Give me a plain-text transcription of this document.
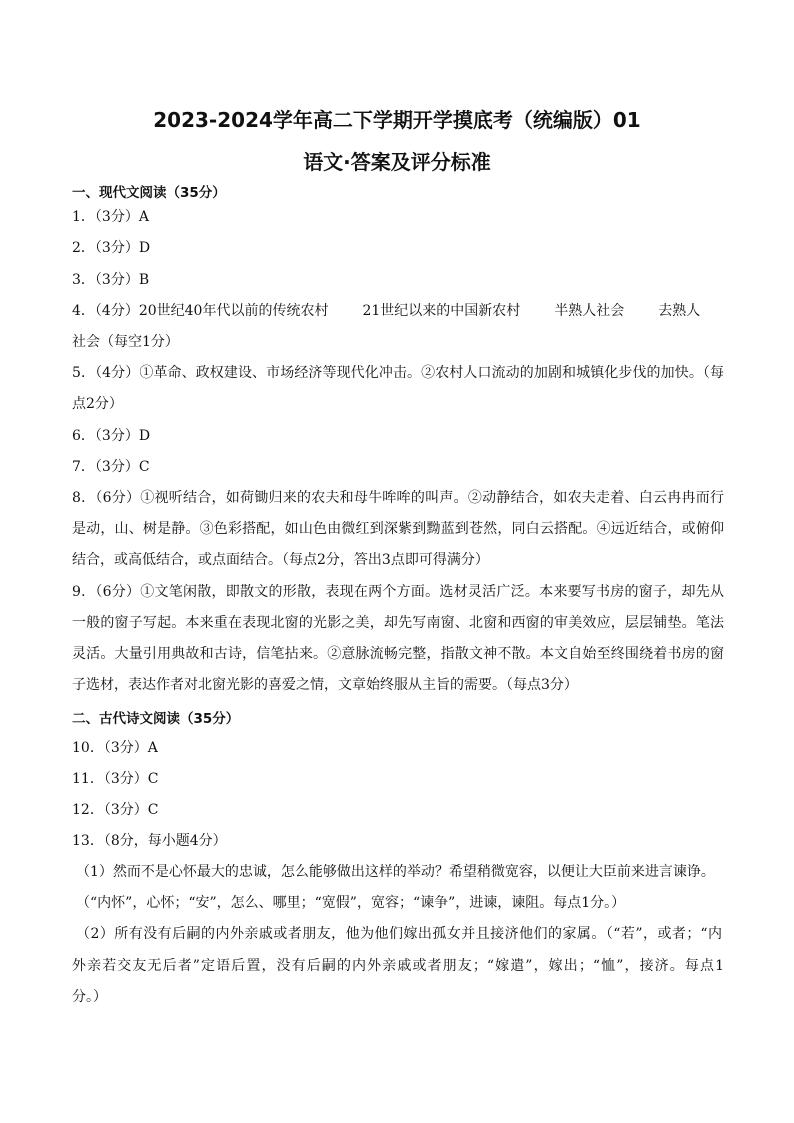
2023-2024学年高二下学期开学摸底考（统编版）01
语文·答案及评分标准
一、现代文阅读（35分）
1．（3分）A
2．（3分）D
3．（3分）B
4．（4分）20世纪40年代以前的传统农村 21世纪以来的中国新农村 半熟人社会 去熟人
社会（每空1分）
5．（4分）①革命、政权建设、市场经济等现代化冲击。②农村人口流动的加剧和城镇化步伐的加快。（每
点2分）
6．（3分）D
7．（3分）C
8．（6分）①视听结合，如荷锄归来的农夫和母牛哞哞的叫声。②动静结合，如农夫走着、白云冉冉而行
是动，山、树是静。③色彩搭配，如山色由微红到深紫到黝蓝到苍然，同白云搭配。④远近结合，或俯仰
结合，或高低结合，或点面结合。（每点2分，答出3点即可得满分）
9．（6分）①文笔闲散，即散文的形散，表现在两个方面。选材灵活广泛。本来要写书房的窗子，却先从
一般的窗子写起。本来重在表现北窗的光影之美，却先写南窗、北窗和西窗的审美效应，层层铺垫。笔法
灵活。大量引用典故和古诗，信笔拈来。②意脉流畅完整，指散文神不散。本文自始至终围绕着书房的窗
子选材，表达作者对北窗光影的喜爱之情，文章始终服从主旨的需要。（每点3分）
二、古代诗文阅读（35分）
10．（3分）A
11．（3分）C
12．（3分）C
13．（8分，每小题4分）
（1）然而不是心怀最大的忠诚，怎么能够做出这样的举动？希望稍微宽容，以便让大臣前来进言谏诤。
（“内怀”，心怀；“安”，怎么、哪里；“宽假”，宽容；“谏争”，进谏，谏阻。每点1分。）
（2）所有没有后嗣的内外亲戚或者朋友，他为他们嫁出孤女并且接济他们的家属。（“若”，或者；“内
外亲若交友无后者”定语后置，没有后嗣的内外亲戚或者朋友；“嫁遣”，嫁出；“恤”，接济。每点1
分。）
